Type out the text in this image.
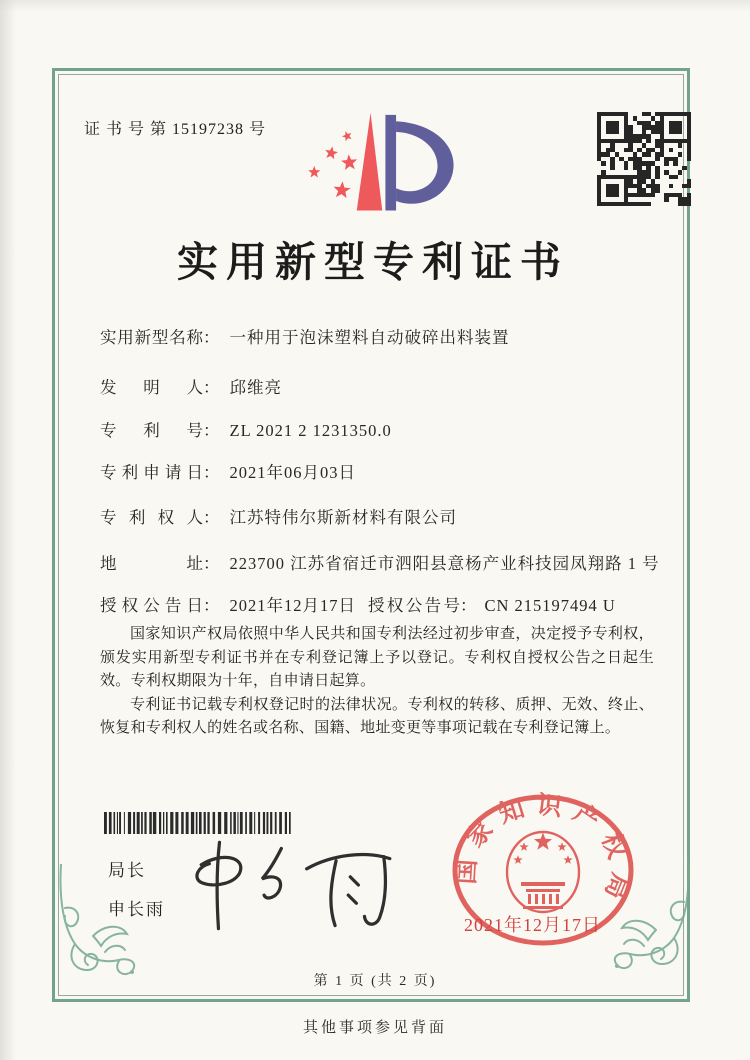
证 书 号 第 15197238 号
实用新型专利证书
实用新型名称： 一种用于泡沫塑料自动破碎出料装置
发明人： 邱维亮
专利号： ZL 2021 2 1231350.0
专利申请日： 2021年06月03日
专利权人： 江苏特伟尔斯新材料有限公司
地址： 223700 江苏省宿迁市泗阳县意杨产业科技园凤翔路 1 号
授权公告日： 2021年12月17日 授权公告号： CN 215197494 U

国家知识产权局依照中华人民共和国专利法经过初步审查，决定授予专利权，颁发实用新型专利证书并在专利登记簿上予以登记。专利权自授权公告之日起生效。专利权期限为十年，自申请日起算。

专利证书记载专利权登记时的法律状况。专利权的转移、质押、无效、终止、恢复和专利权人的姓名或名称、国籍、地址变更等事项记载在专利登记簿上。

局长
申长雨
国家知识产权局
2021年12月17日
第 1 页 (共 2 页)
其他事项参见背面
